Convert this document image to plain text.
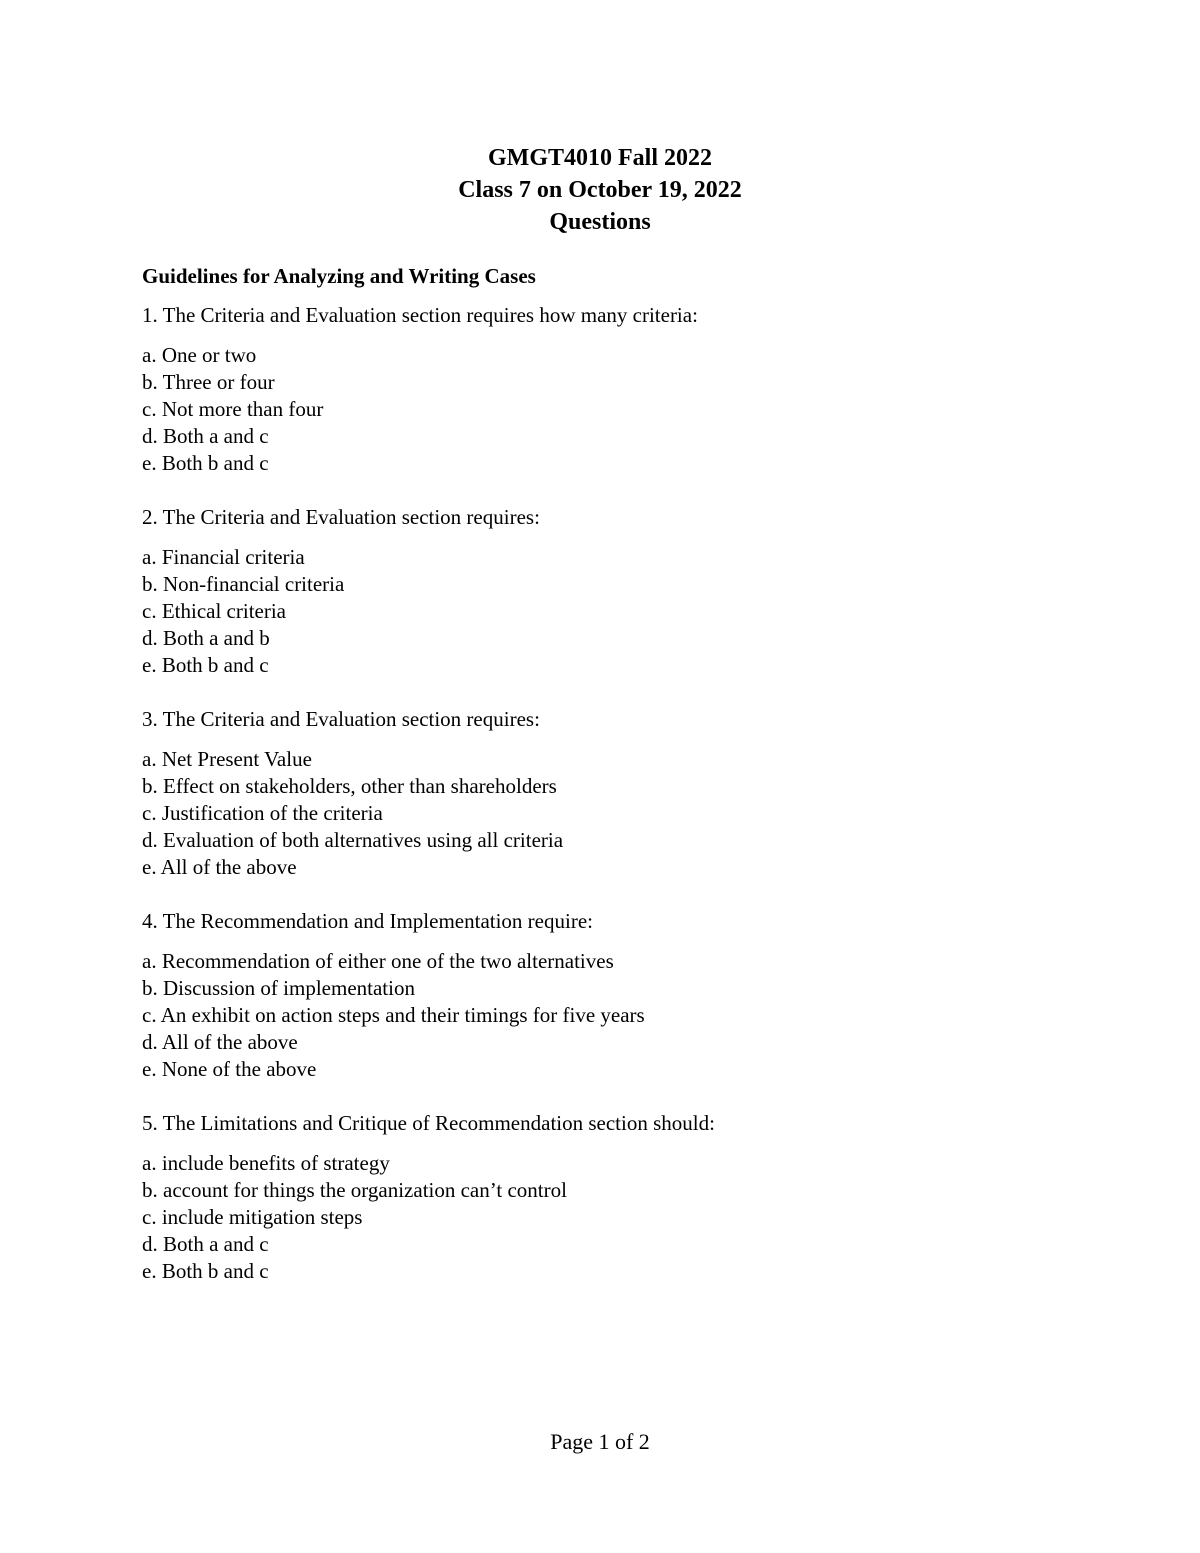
GMGT4010 Fall 2022
Class 7 on October 19, 2022
Questions
Guidelines for Analyzing and Writing Cases
1. The Criteria and Evaluation section requires how many criteria:
a. One or two
b. Three or four
c. Not more than four
d. Both a and c
e. Both b and c
2. The Criteria and Evaluation section requires:
a. Financial criteria
b. Non-financial criteria
c. Ethical criteria
d. Both a and b
e. Both b and c
3. The Criteria and Evaluation section requires:
a. Net Present Value
b. Effect on stakeholders, other than shareholders
c. Justification of the criteria
d. Evaluation of both alternatives using all criteria
e. All of the above
4. The Recommendation and Implementation require:
a. Recommendation of either one of the two alternatives
b. Discussion of implementation
c. An exhibit on action steps and their timings for five years
d. All of the above
e. None of the above
5. The Limitations and Critique of Recommendation section should:
a. include benefits of strategy
b. account for things the organization can’t control
c. include mitigation steps
d. Both a and c
e. Both b and c
Page 1 of 2
